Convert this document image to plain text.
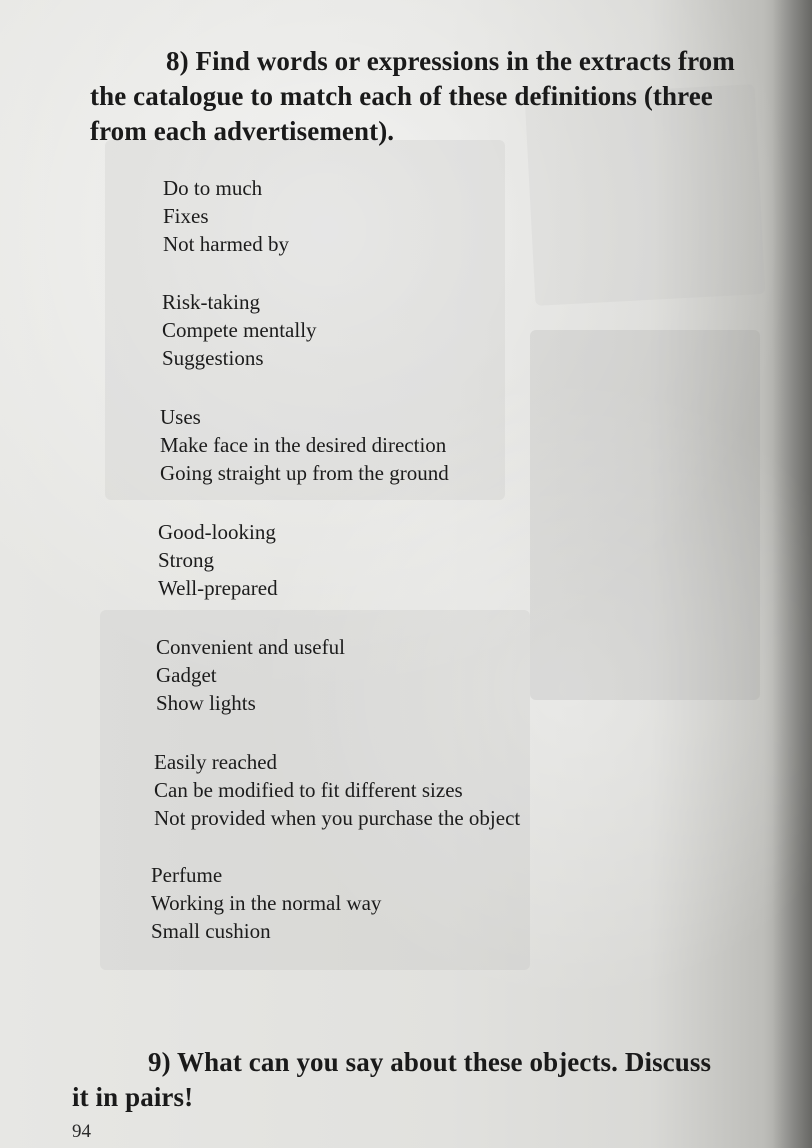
8) Find words or expressions in the extracts from
the catalogue to match each of these definitions (three
from each advertisement).
Do to much
Fixes
Not harmed by
Risk-taking
Compete mentally
Suggestions
Uses
Make face in the desired direction
Going straight up from the ground
Good-looking
Strong
Well-prepared
Convenient and useful
Gadget
Show lights
Easily reached
Can be modified to fit different sizes
Not provided when you purchase the object
Perfume
Working in the normal way
Small cushion
9) What can you say about these objects. Discuss
it in pairs!
94
